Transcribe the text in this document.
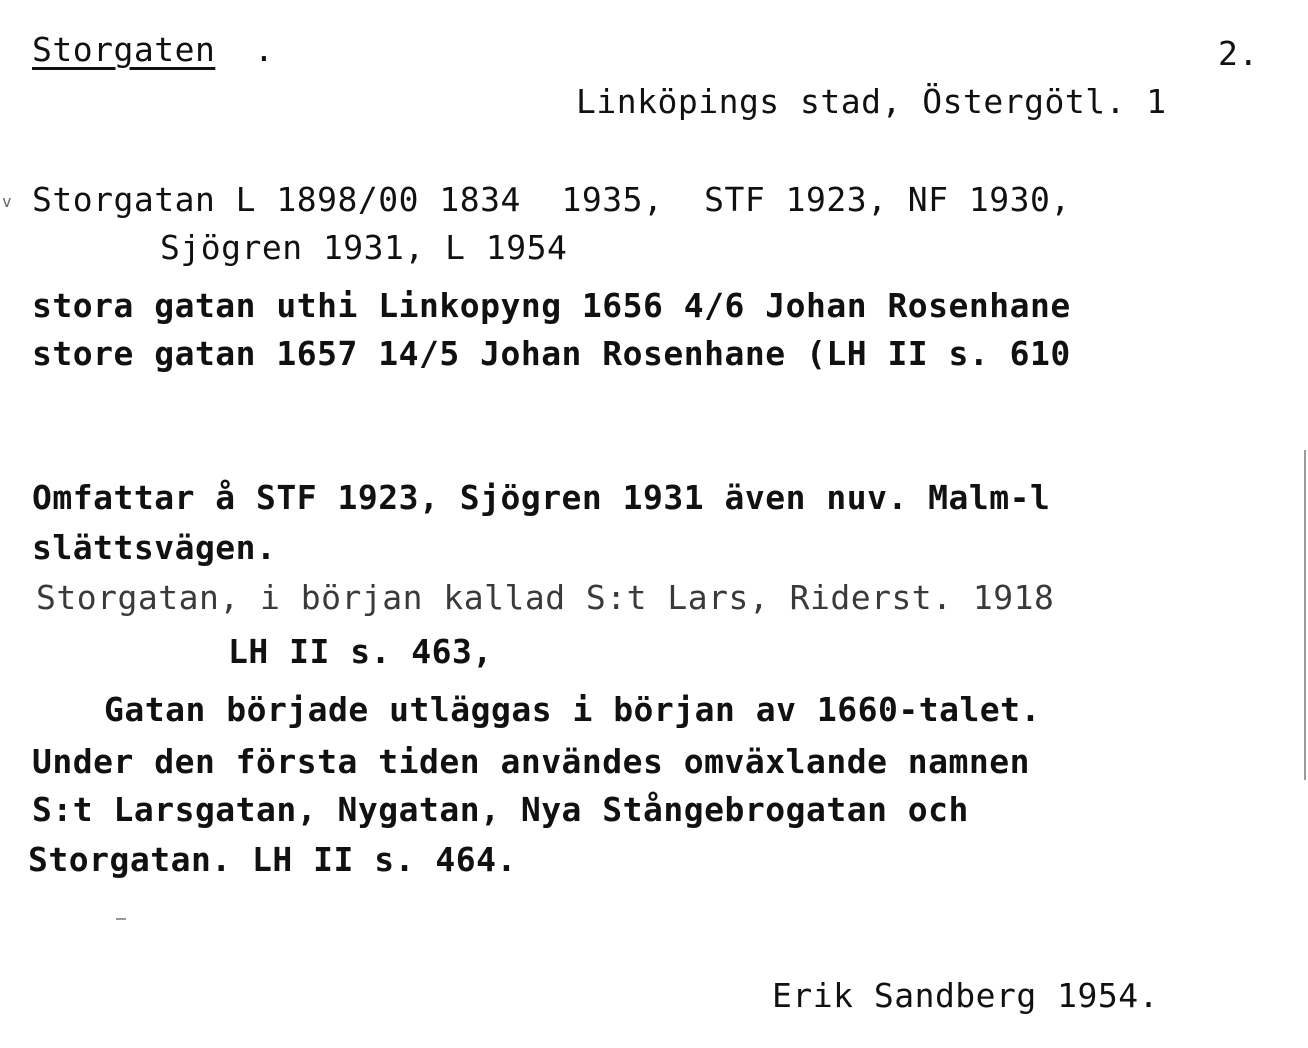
Storgaten .	2.
Linköpings stad, Östergötl. 1
v Storgatan L 1898/00 1834  1935,  STF 1923, NF 1930,
Sjögren 1931, L 1954
stora gatan uthi Linkopyng 1656 4/6 Johan Rosenhane
store gatan 1657 14/5 Johan Rosenhane (LH II s. 610
Omfattar å STF 1923, Sjögren 1931 även nuv. Malm-l
slättsvägen.
Storgatan, i början kallad S:t Lars, Riderst. 1918
LH II s. 463,
Gatan började utläggas i början av 1660-talet.
Under den första tiden användes omväxlande namnen
S:t Larsgatan, Nygatan, Nya Stångebrogatan och
Storgatan. LH II s. 464.
Erik Sandberg 1954.
